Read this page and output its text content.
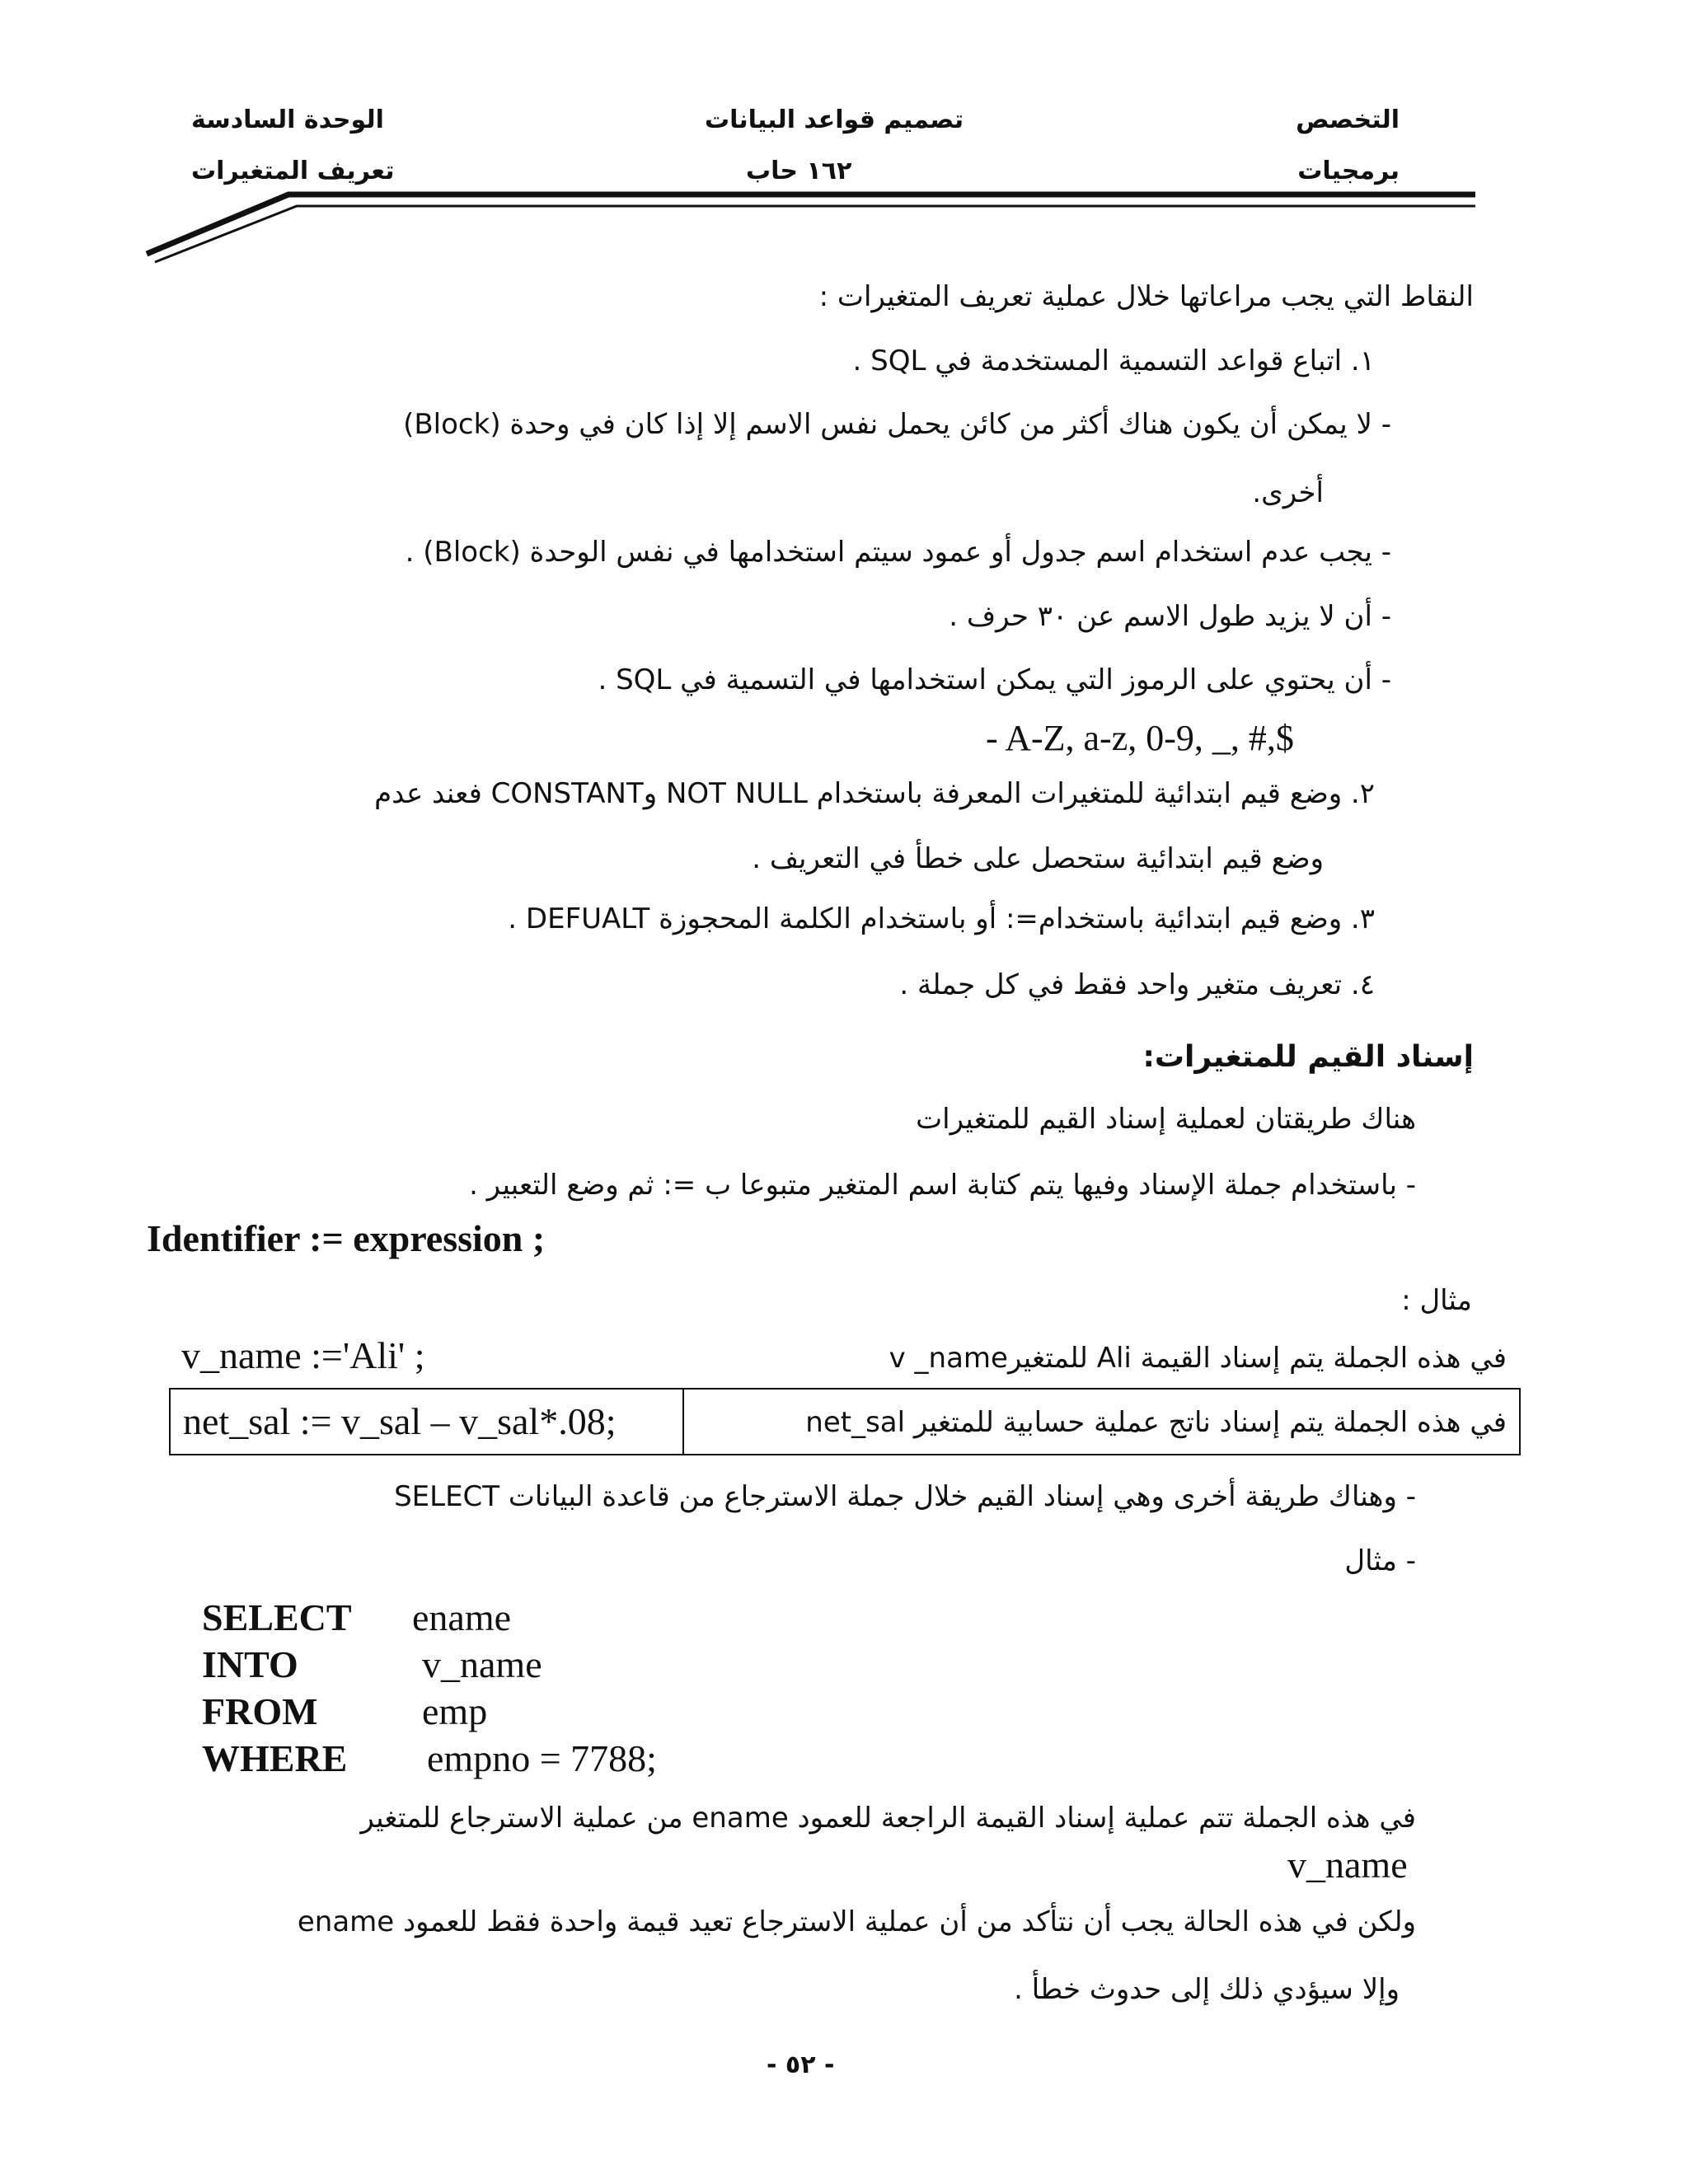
التخصص
برمجيات
تصميم قواعد البيانات
١٦٢ حاب
الوحدة السادسة
تعريف المتغيرات
النقاط التي يجب مراعاتها خلال عملية تعريف المتغيرات :
١. اتباع قواعد التسمية المستخدمة في SQL .
- لا يمكن أن يكون هناك أكثر من كائن يحمل نفس الاسم إلا إذا كان في وحدة (Block)
أخرى.
- يجب عدم استخدام اسم جدول أو عمود سيتم استخدامها في نفس الوحدة (Block) .
- أن لا يزيد طول الاسم عن ٣٠ حرف .
- أن يحتوي على الرموز التي يمكن استخدامها في التسمية في SQL .
- A-Z, a-z, 0-9, _, #,$
٢. وضع قيم ابتدائية للمتغيرات المعرفة باستخدام NOT NULL وCONSTANT فعند عدم
وضع قيم ابتدائية ستحصل على خطأ في التعريف .
٣. وضع قيم ابتدائية باستخدام=: أو باستخدام الكلمة المحجوزة DEFUALT .
٤. تعريف متغير واحد فقط في كل جملة .
إسناد القيم للمتغيرات:
هناك طريقتان لعملية إسناد القيم للمتغيرات
- باستخدام جملة الإسناد وفيها يتم كتابة اسم المتغير متبوعا ب =: ثم وضع التعبير .
Identifier := expression ;
مثال :
v_name :='Ali' ;	في هذه الجملة يتم إسناد القيمة Ali للمتغيرv _name
net_sal := v_sal – v_sal*.08;	في هذه الجملة يتم إسناد ناتج عملية حسابية للمتغير net_sal
- وهناك طريقة أخرى وهي إسناد القيم خلال جملة الاسترجاع من قاعدة البيانات SELECT
- مثال
SELECT ename
INTO	v_name
FROM	emp
WHERE empno = 7788;
في هذه الجملة تتم عملية إسناد القيمة الراجعة للعمود ename من عملية الاسترجاع للمتغير
v_name
ولكن في هذه الحالة يجب أن نتأكد من أن عملية الاسترجاع تعيد قيمة واحدة فقط للعمود ename
وإلا سيؤدي ذلك إلى حدوث خطأ .
- ٥٢ -
